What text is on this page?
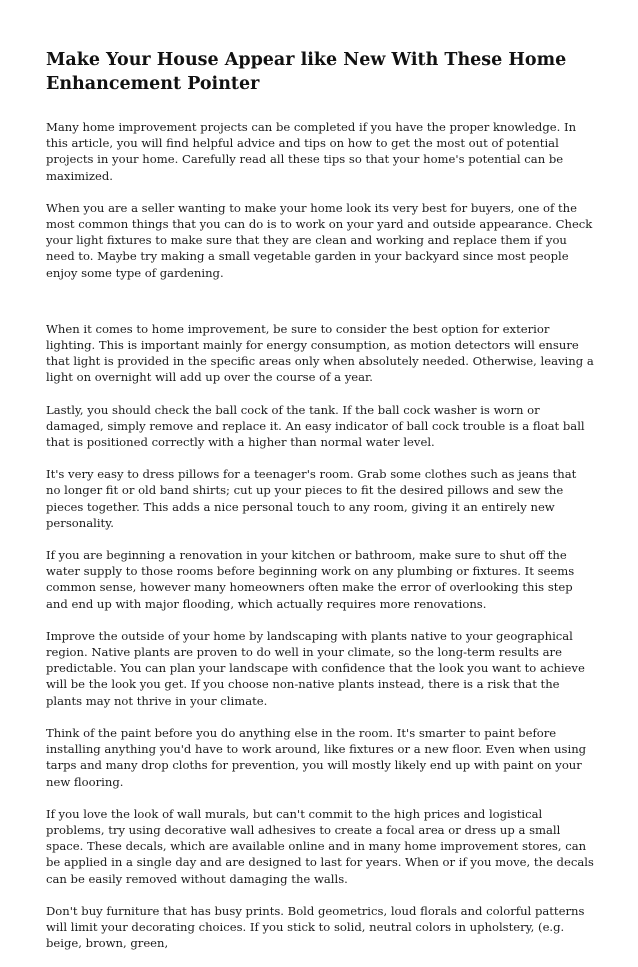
Make Your House Appear like New With These Home Enhancement Pointer

Many home improvement projects can be completed if you have the proper knowledge. In this article, you will find helpful advice and tips on how to get the most out of potential projects in your home. Carefully read all these tips so that your home's potential can be maximized.

When you are a seller wanting to make your home look its very best for buyers, one of the most common things that you can do is to work on your yard and outside appearance. Check your light fixtures to make sure that they are clean and working and replace them if you need to. Maybe try making a small vegetable garden in your backyard since most people enjoy some type of gardening.

When it comes to home improvement, be sure to consider the best option for exterior lighting. This is important mainly for energy consumption, as motion detectors will ensure that light is provided in the specific areas only when absolutely needed. Otherwise, leaving a light on overnight will add up over the course of a year.

Lastly, you should check the ball cock of the tank. If the ball cock washer is worn or damaged, simply remove and replace it. An easy indicator of ball cock trouble is a float ball that is positioned correctly with a higher than normal water level.

It's very easy to dress pillows for a teenager's room. Grab some clothes such as jeans that no longer fit or old band shirts; cut up your pieces to fit the desired pillows and sew the pieces together. This adds a nice personal touch to any room, giving it an entirely new personality.

If you are beginning a renovation in your kitchen or bathroom, make sure to shut off the water supply to those rooms before beginning work on any plumbing or fixtures. It seems common sense, however many homeowners often make the error of overlooking this step and end up with major flooding, which actually requires more renovations.

Improve the outside of your home by landscaping with plants native to your geographical region. Native plants are proven to do well in your climate, so the long-term results are predictable. You can plan your landscape with confidence that the look you want to achieve will be the look you get. If you choose non-native plants instead, there is a risk that the plants may not thrive in your climate.

Think of the paint before you do anything else in the room. It's smarter to paint before installing anything you'd have to work around, like fixtures or a new floor. Even when using tarps and many drop cloths for prevention, you will mostly likely end up with paint on your new flooring.

If you love the look of wall murals, but can't commit to the high prices and logistical problems, try using decorative wall adhesives to create a focal area or dress up a small space. These decals, which are available online and in many home improvement stores, can be applied in a single day and are designed to last for years. When or if you move, the decals can be easily removed without damaging the walls.

Don't buy furniture that has busy prints. Bold geometrics, loud florals and colorful patterns will limit your decorating choices. If you stick to solid, neutral colors in upholstery, (e.g. beige, brown, green,
